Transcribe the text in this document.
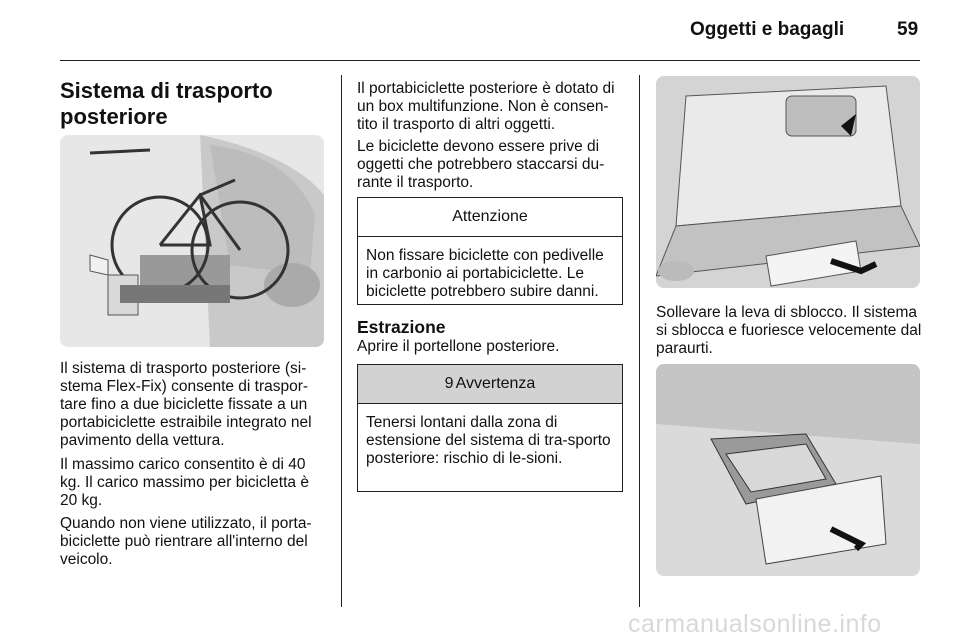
Oggetti e bagagli	59
Sistema di trasporto posteriore

Il sistema di trasporto posteriore (si-stema Flex-Fix) consente di traspor-tare fino a due biciclette fissate a un portabiciclette estraibile integrato nel pavimento della vettura.

Il massimo carico consentito è di 40 kg. Il carico massimo per bicicletta è 20 kg.

Quando non viene utilizzato, il porta-biciclette può rientrare all'interno del veicolo.

Il portabiciclette posteriore è dotato di un box multifunzione. Non è consen-tito il trasporto di altri oggetti.

Le biciclette devono essere prive di oggetti che potrebbero staccarsi du-rante il trasporto.

Attenzione
Non fissare biciclette con pedivelle in carbonio ai portabiciclette. Le biciclette potrebbero subire danni.
Estrazione

Aprire il portellone posteriore.

9 Avvertenza
Tenersi lontani dalla zona di estensione del sistema di tra-sporto posteriore: rischio di le-sioni.

Sollevare la leva di sblocco. Il sistema si sblocca e fuoriesce velocemente dal paraurti.

carmanualsonline.info
